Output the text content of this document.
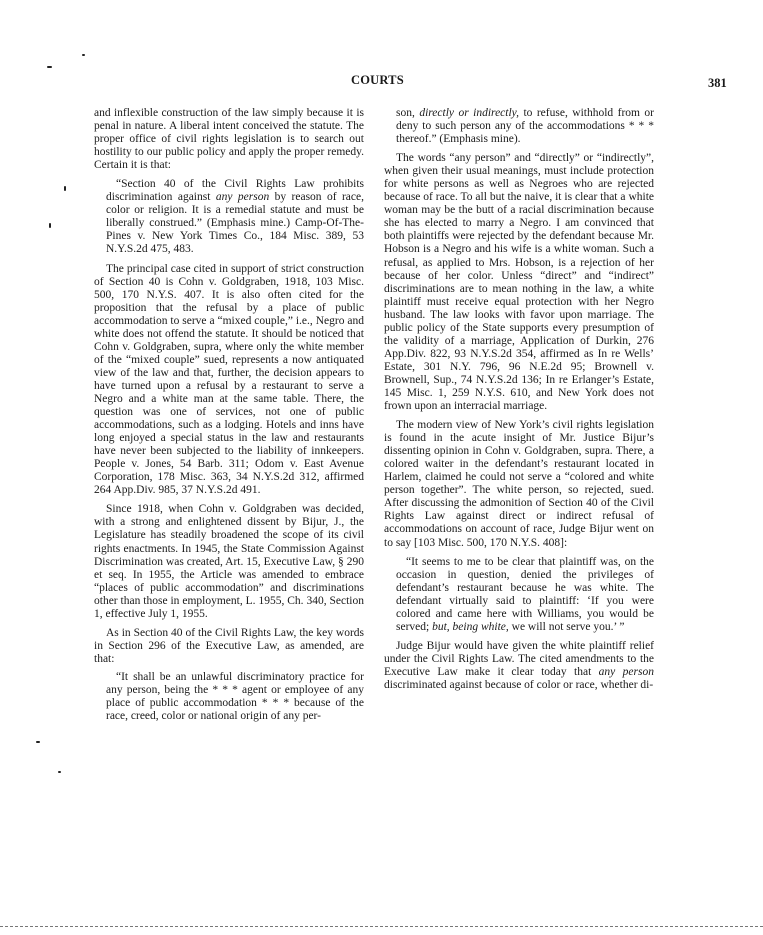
COURTS	381

and inflexible construction of the law simply because it is penal in nature. A liberal intent conceived the statute. The proper office of civil rights legislation is to search out hostility to our public policy and apply the proper remedy. Certain it is that:

“Section 40 of the Civil Rights Law prohibits discrimination against any person by reason of race, color or religion. It is a remedial statute and must be liberally construed.” (Emphasis mine.) Camp-Of-The-Pines v. New York Times Co., 184 Misc. 389, 53 N.Y.S.2d 475, 483.

The principal case cited in support of strict construction of Section 40 is Cohn v. Goldgraben, 1918, 103 Misc. 500, 170 N.Y.S. 407. It is also often cited for the proposition that the refusal by a place of public accommodation to serve a “mixed couple,” i.e., Negro and white does not offend the statute. It should be noticed that Cohn v. Goldgraben, supra, where only the white member of the “mixed couple” sued, represents a now antiquated view of the law and that, further, the decision appears to have turned upon a refusal by a restaurant to serve a Negro and a white man at the same table. There, the question was one of services, not one of public accommodations, such as a lodging. Hotels and inns have long enjoyed a special status in the law and restaurants have never been subjected to the liability of innkeepers. People v. Jones, 54 Barb. 311; Odom v. East Avenue Corporation, 178 Misc. 363, 34 N.Y.S.2d 312, affirmed 264 App.Div. 985, 37 N.Y.S.2d 491.

Since 1918, when Cohn v. Goldgraben was decided, with a strong and enlightened dissent by Bijur, J., the Legislature has steadily broadened the scope of its civil rights enactments. In 1945, the State Commission Against Discrimination was created, Art. 15, Executive Law, § 290 et seq. In 1955, the Article was amended to embrace “places of public accommodation” and discriminations other than those in employment, L. 1955, Ch. 340, Section 1, effective July 1, 1955.

As in Section 40 of the Civil Rights Law, the key words in Section 296 of the Executive Law, as amended, are that:

“It shall be an unlawful discriminatory practice for any person, being the * * * agent or employee of any place of public accommodation * * * because of the race, creed, color or national origin of any per-

son, directly or indirectly, to refuse, withhold from or deny to such person any of the accommodations * * * thereof.” (Emphasis mine).

The words “any person” and “directly” or “indirectly”, when given their usual meanings, must include protection for white persons as well as Negroes who are rejected because of race. To all but the naive, it is clear that a white woman may be the butt of a racial discrimination because she has elected to marry a Negro. I am convinced that both plaintiffs were rejected by the defendant because Mr. Hobson is a Negro and his wife is a white woman. Such a refusal, as applied to Mrs. Hobson, is a rejection of her because of her color. Unless “direct” and “indirect” discriminations are to mean nothing in the law, a white plaintiff must receive equal protection with her Negro husband. The law looks with favor upon marriage. The public policy of the State supports every presumption of the validity of a marriage, Application of Durkin, 276 App.Div. 822, 93 N.Y.S.2d 354, affirmed as In re Wells’ Estate, 301 N.Y. 796, 96 N.E.2d 95; Brownell v. Brownell, Sup., 74 N.Y.S.2d 136; In re Erlanger’s Estate, 145 Misc. 1, 259 N.Y.S. 610, and New York does not frown upon an interracial marriage.

The modern view of New York’s civil rights legislation is found in the acute insight of Mr. Justice Bijur’s dissenting opinion in Cohn v. Goldgraben, supra. There, a colored waiter in the defendant’s restaurant located in Harlem, claimed he could not serve a “colored and white person together”. The white person, so rejected, sued. After discussing the admonition of Section 40 of the Civil Rights Law against direct or indirect refusal of accommodations on account of race, Judge Bijur went on to say [103 Misc. 500, 170 N.Y.S. 408]:

“It seems to me to be clear that plaintiff was, on the occasion in question, denied the privileges of defendant’s restaurant because he was white. The defendant virtually said to plaintiff: ‘If you were colored and came here with Williams, you would be served; but, being white, we will not serve you.’ ”

Judge Bijur would have given the white plaintiff relief under the Civil Rights Law. The cited amendments to the Executive Law make it clear today that any person discriminated against because of color or race, whether di-
